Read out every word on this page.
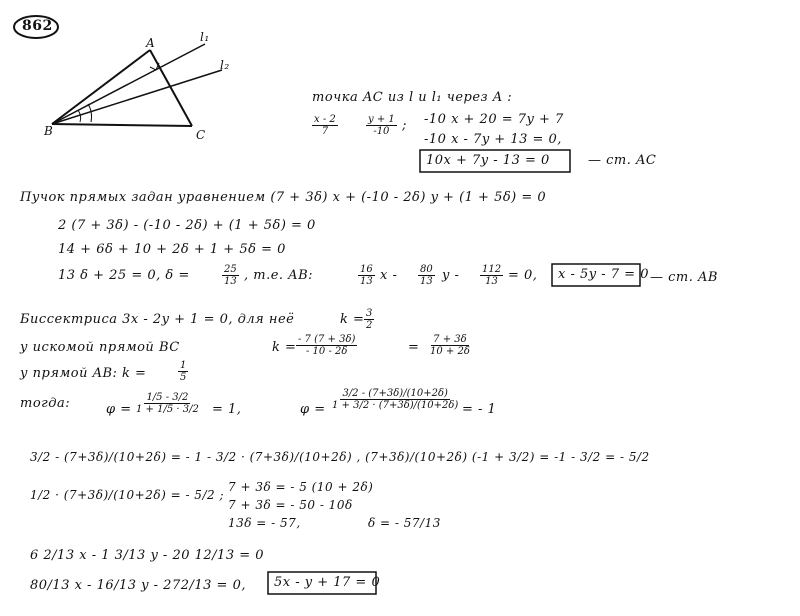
862
A
B	C
l₁
l₂
точка AC из l и l₁ через A :
$\frac{x - 2}{7}$	$\frac{y + 1}{-10}$ ; -10 x + 20 = 7y + 7
-10 x - 7y + 13 = 0,
10x + 7y - 13 = 0	— ст. AC
Пучок прямых задан уравнением (7 + 3δ) x + (-10 - 2δ) y + (1 + 5δ) = 0
2 (7 + 3δ) - (-10 - 2δ) + (1 + 5δ) = 0
14 + 6δ + 10 + 2δ + 1 + 5δ = 0
13 δ + 25 = 0, δ =	$\frac{25}{13}$ , т.е. AB:	$\frac{16}{13}$ x - $\frac{80}{13}$ $y - \frac{112}{13} = 0$, x - 5y - 7 = 0 — ст. AB
Биссектриса 3x - 2y + 1 = 0, для неё	$k = \frac{3}{2}$
у искомой прямой BC	$k = \frac{- 7 (7 + 3\delta)}{- 10 - 2\delta}$	= $\frac{7 + 3\delta}{10 + 2\delta}$
у прямой AB: k =	$\frac{1}{5}$
тогда:	$\varphi = \frac{1/5 - 3/2}{1 + 1/5 \cdot 3/2} = 1$,	$\varphi = \frac{3/2 - (7+3\delta)/(10+2\delta)}{1 + 3/2 \cdot (7+3\delta)/(10+2\delta)}$ = - 1
3/2 - (7+3δ)/(10+2δ) = - 1 - 3/2 · (7+3δ)/(10+2δ) , (7+3δ)/(10+2δ) (-1 + 3/2) = -1 - 3/2 = - 5/2
1/2 · (7+3δ)/(10+2δ) = - 5/2 ;
7 + 3δ = - 5 (10 + 2δ)
7 + 3δ = - 50 - 10δ
13δ = - 57,	δ = - 57/13
6 2/13 x - 1 3/13 y - 20 12/13 = 0
80/13 x - 16/13 y - 272/13 = 0, 5x - y + 17 = 0
